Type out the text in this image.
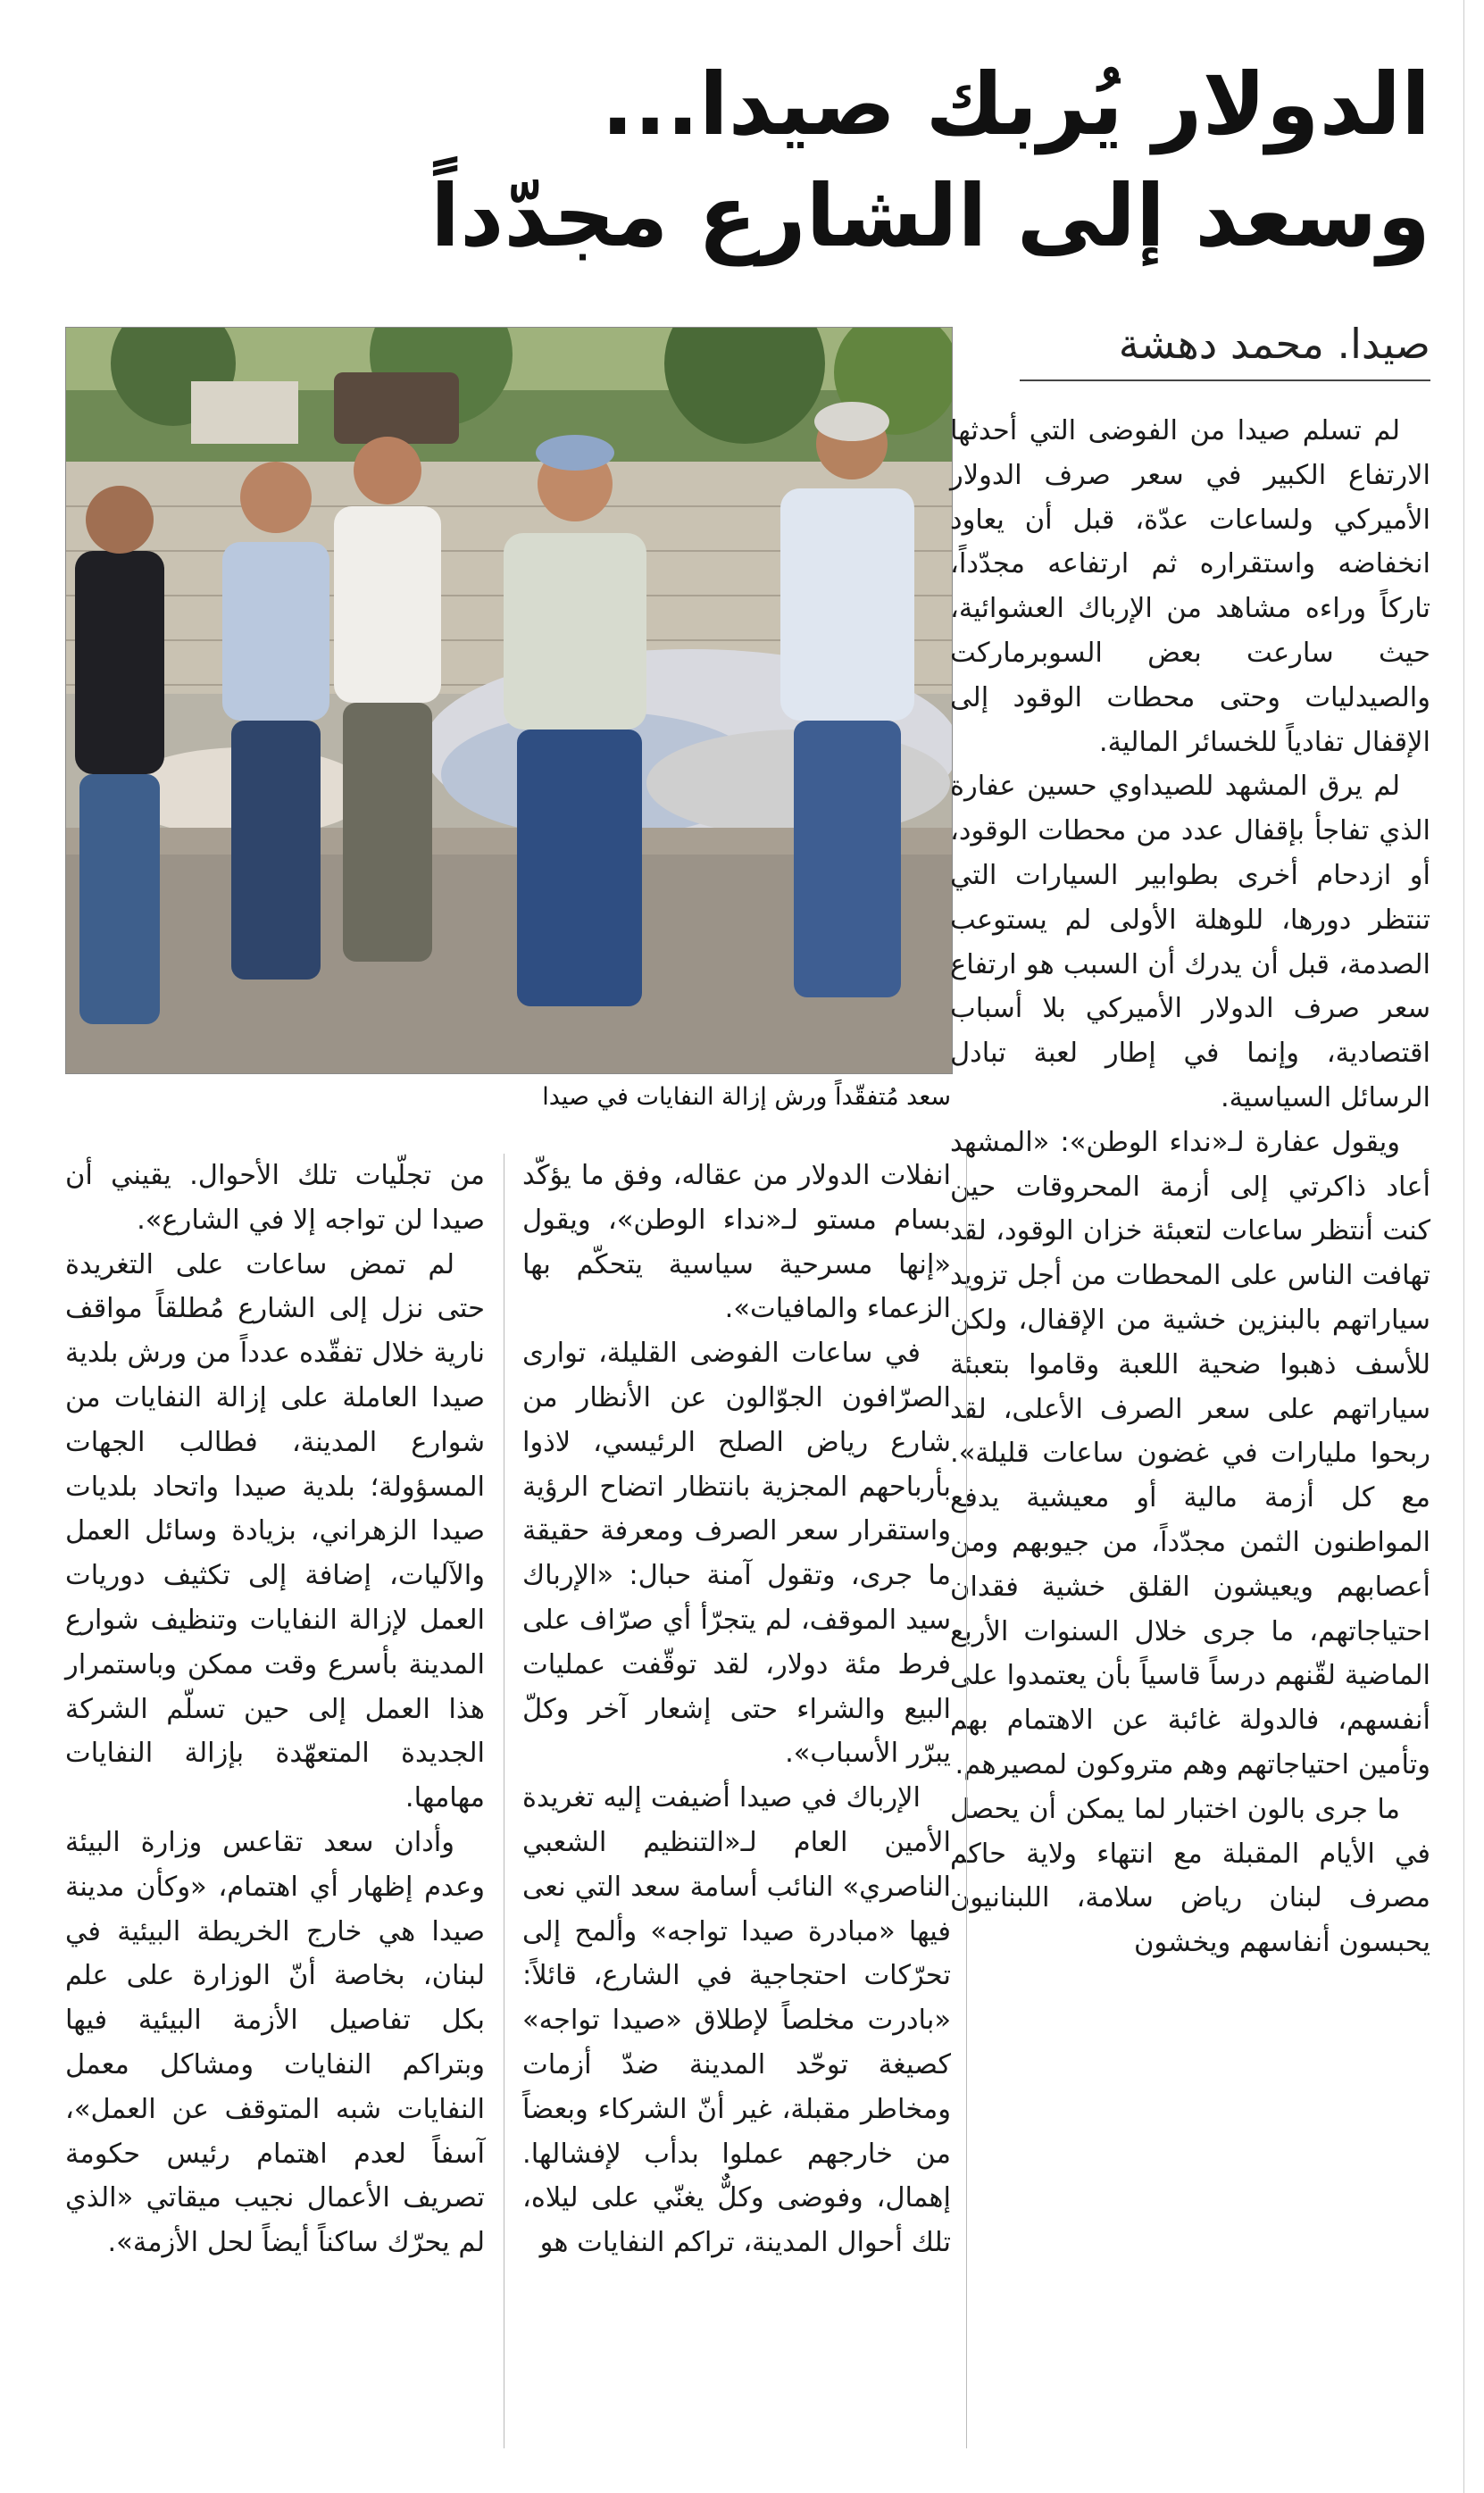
الدولار يُربك صيدا...
وسعد إلى الشارع مجدّداً
صيدا. محمد دهشة
سعد مُتفقّداً ورش إزالة النفايات في صيدا

لم تسلم صيدا من الفوضى التي أحدثها الارتفاع الكبير في سعر صرف الدولار الأميركي ولساعات عدّة، قبل أن يعاود انخفاضه واستقراره ثم ارتفاعه مجدّداً، تاركاً وراءه مشاهد من الإرباك العشوائية، حيث سارعت بعض السوبرماركت والصيدليات وحتى محطات الوقود إلى الإقفال تفادياً للخسائر المالية.

لم يرق المشهد للصيداوي حسين عفارة الذي تفاجأ بإقفال عدد من محطات الوقود، أو ازدحام أخرى بطوابير السيارات التي تنتظر دورها، للوهلة الأولى لم يستوعب الصدمة، قبل أن يدرك أن السبب هو ارتفاع سعر صرف الدولار الأميركي بلا أسباب اقتصادية، وإنما في إطار لعبة تبادل الرسائل السياسية.

ويقول عفارة لـ«نداء الوطن»: «المشهد أعاد ذاكرتي إلى أزمة المحروقات حين كنت أنتظر ساعات لتعبئة خزان الوقود، لقد تهافت الناس على المحطات من أجل تزويد سياراتهم بالبنزين خشية من الإقفال، ولكن للأسف ذهبوا ضحية اللعبة وقاموا بتعبئة سياراتهم على سعر الصرف الأعلى، لقد ربحوا مليارات في غضون ساعات قليلة». مع كل أزمة مالية أو معيشية يدفع المواطنون الثمن مجدّداً، من جيوبهم ومن أعصابهم ويعيشون القلق خشية فقدان احتياجاتهم، ما جرى خلال السنوات الأربع الماضية لقّنهم درساً قاسياً بأن يعتمدوا على أنفسهم، فالدولة غائبة عن الاهتمام بهم وتأمين احتياجاتهم وهم متروكون لمصيرهم.

ما جرى بالون اختبار لما يمكن أن يحصل في الأيام المقبلة مع انتهاء ولاية حاكم مصرف لبنان رياض سلامة، اللبنانيون يحبسون أنفاسهم ويخشون

انفلات الدولار من عقاله، وفق ما يؤكّد بسام مستو لـ«نداء الوطن»، ويقول «إنها مسرحية سياسية يتحكّم بها الزعماء والمافيات».

في ساعات الفوضى القليلة، توارى الصرّافون الجوّالون عن الأنظار من شارع رياض الصلح الرئيسي، لاذوا بأرباحهم المجزية بانتظار اتضاح الرؤية واستقرار سعر الصرف ومعرفة حقيقة ما جرى، وتقول آمنة حبال: «الإرباك سيد الموقف، لم يتجرّأ أي صرّاف على فرط مئة دولار، لقد توقّفت عمليات البيع والشراء حتى إشعار آخر وكلّ يبرّر الأسباب».

الإرباك في صيدا أضيفت إليه تغريدة الأمين العام لـ«التنظيم الشعبي الناصري» النائب أسامة سعد التي نعى فيها «مبادرة صيدا تواجه» وألمح إلى تحرّكات احتجاجية في الشارع، قائلاً: «بادرت مخلصاً لإطلاق «صيدا تواجه» كصيغة توحّد المدينة ضدّ أزمات ومخاطر مقبلة، غير أنّ الشركاء وبعضاً من خارجهم عملوا بدأب لإفشالها. إهمال، وفوضى وكلٌّ يغنّي على ليلاه، تلك أحوال المدينة، تراكم النفايات هو

من تجلّيات تلك الأحوال. يقيني أن صيدا لن تواجه إلا في الشارع».

لم تمض ساعات على التغريدة حتى نزل إلى الشارع مُطلقاً مواقف نارية خلال تفقّده عدداً من ورش بلدية صيدا العاملة على إزالة النفايات من شوارع المدينة، فطالب الجهات المسؤولة؛ بلدية صيدا واتحاد بلديات صيدا الزهراني، بزيادة وسائل العمل والآليات، إضافة إلى تكثيف دوريات العمل لإزالة النفايات وتنظيف شوارع المدينة بأسرع وقت ممكن وباستمرار هذا العمل إلى حين تسلّم الشركة الجديدة المتعهّدة بإزالة النفايات مهامها.

وأدان سعد تقاعس وزارة البيئة وعدم إظهار أي اهتمام، «وكأن مدينة صيدا هي خارج الخريطة البيئية في لبنان، بخاصة أنّ الوزارة على علم بكل تفاصيل الأزمة البيئية فيها وبتراكم النفايات ومشاكل معمل النفايات شبه المتوقف عن العمل»، آسفاً لعدم اهتمام رئيس حكومة تصريف الأعمال نجيب ميقاتي «الذي لم يحرّك ساكناً أيضاً لحل الأزمة».
